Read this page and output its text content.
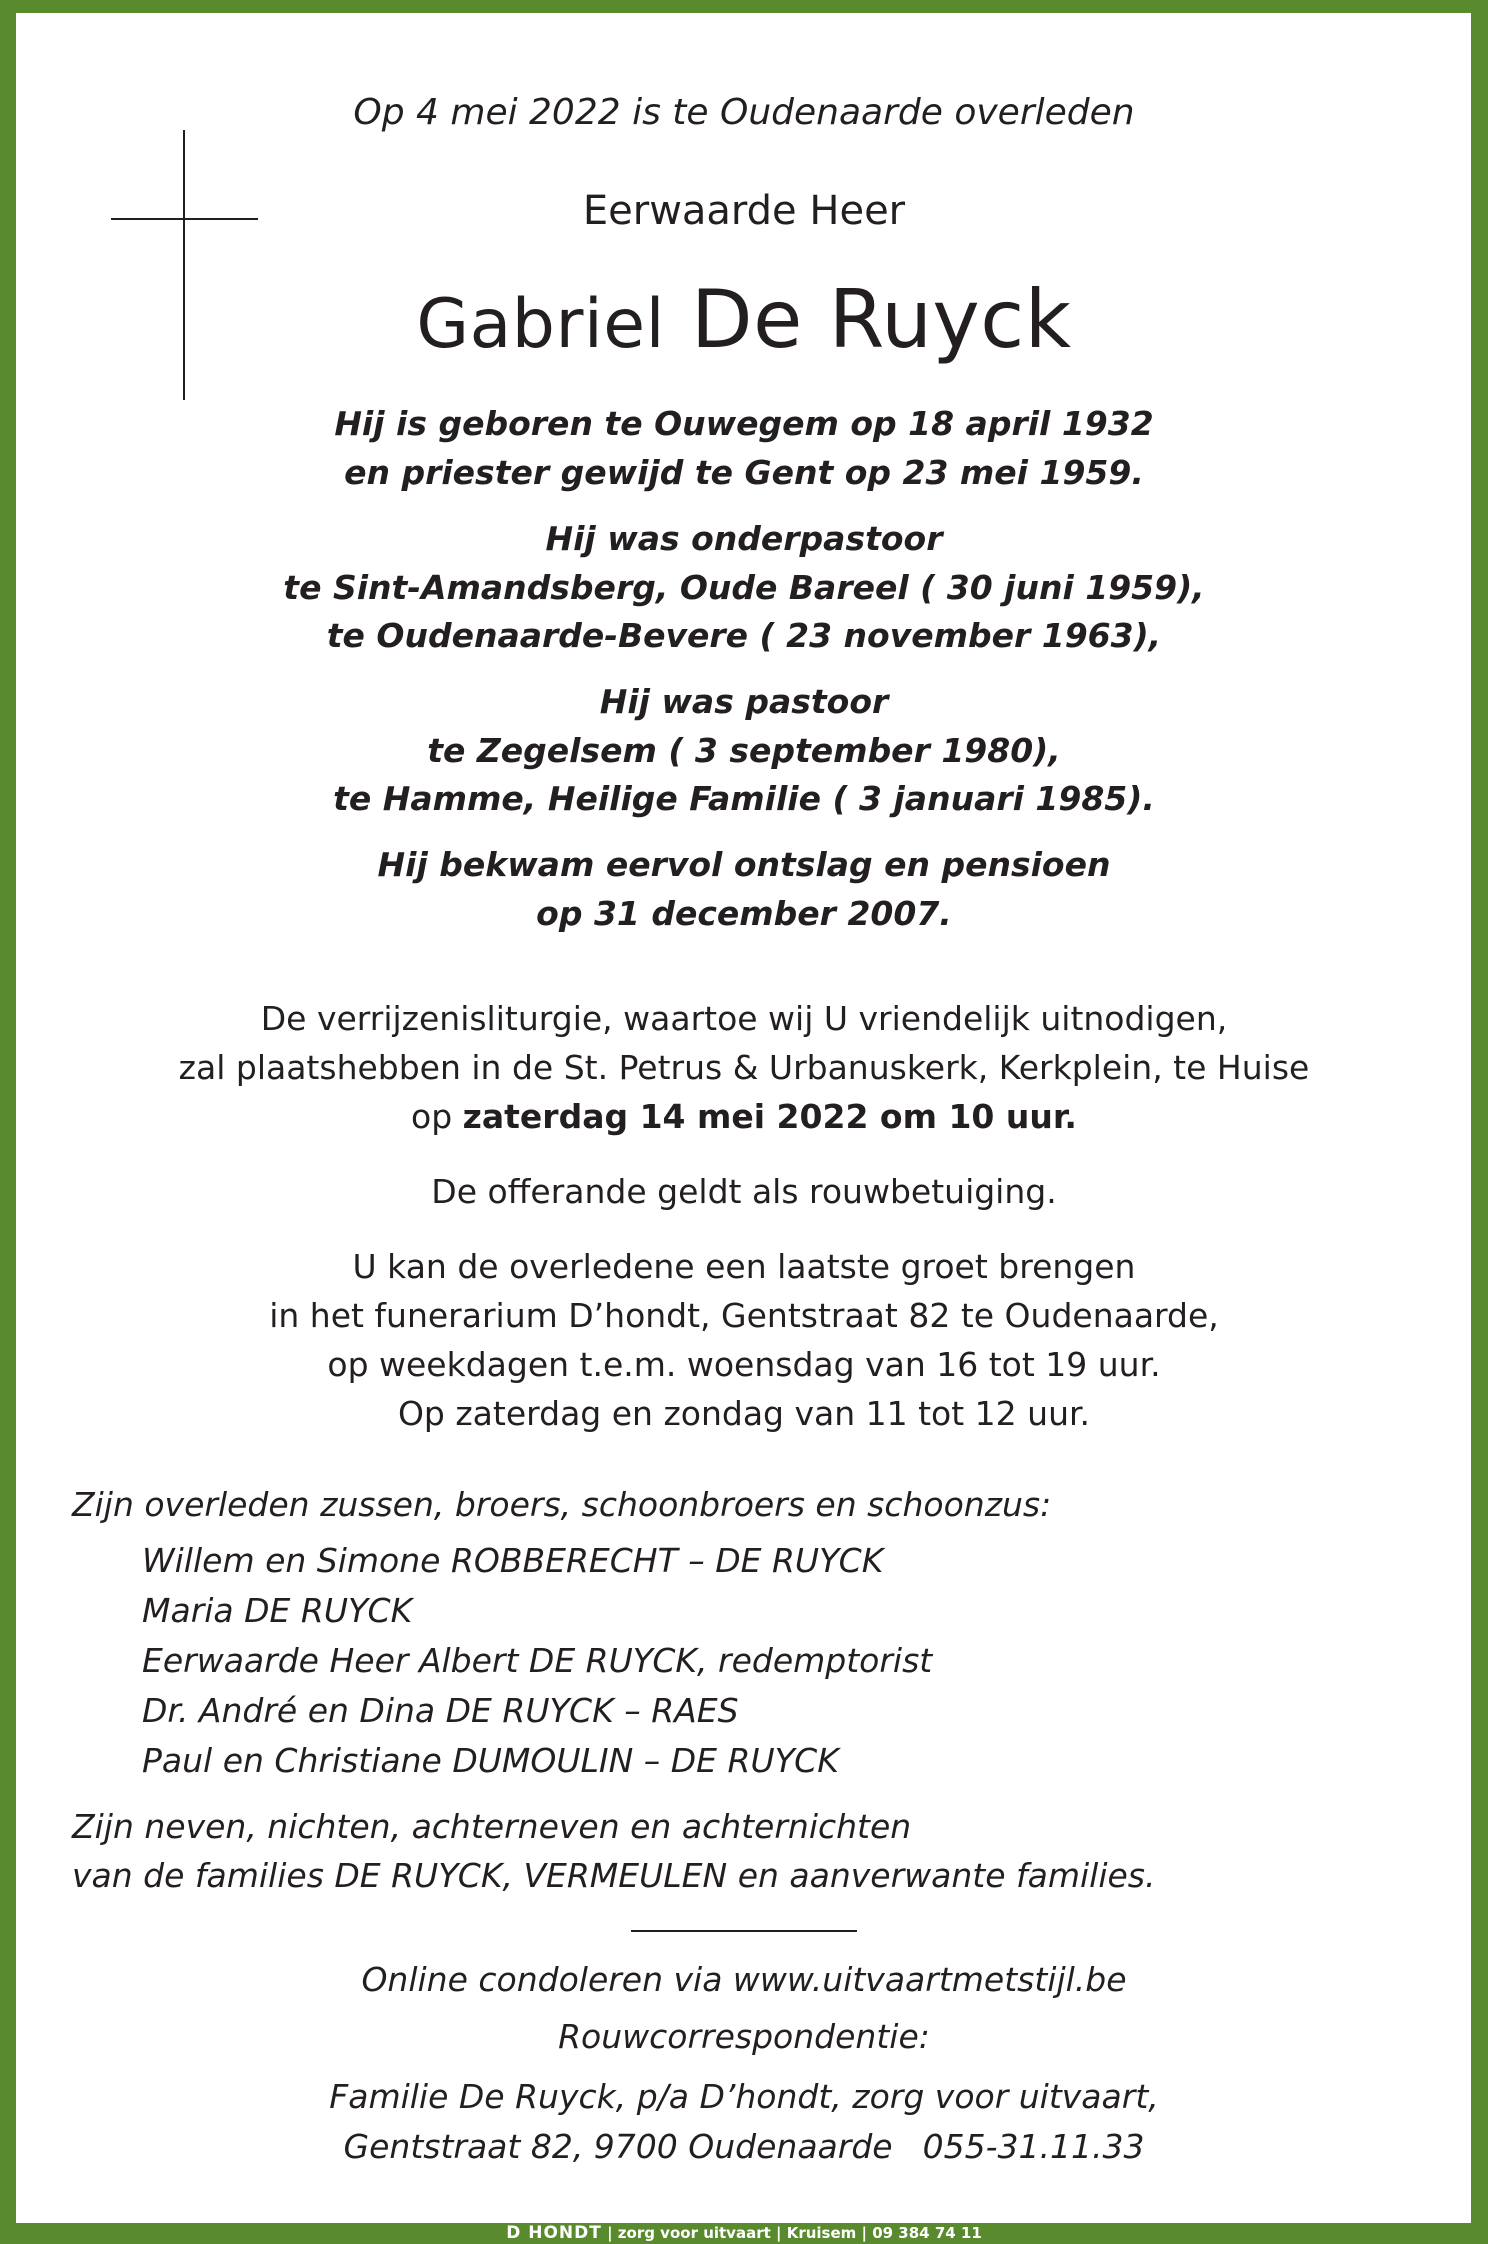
Op 4 mei 2022 is te Oudenaarde overleden
Eerwaarde Heer
Gabriel De Ruyck
Hij is geboren te Ouwegem op 18 april 1932
en priester gewijd te Gent op 23 mei 1959.
Hij was onderpastoor
te Sint-Amandsberg, Oude Bareel ( 30 juni 1959),
te Oudenaarde-Bevere ( 23 november 1963),
Hij was pastoor
te Zegelsem ( 3 september 1980),
te Hamme, Heilige Familie ( 3 januari 1985).
Hij bekwam eervol ontslag en pensioen
op 31 december 2007.
De verrijzenisliturgie, waartoe wij U vriendelijk uitnodigen,
zal plaatshebben in de St. Petrus & Urbanuskerk, Kerkplein, te Huise
op zaterdag 14 mei 2022 om 10 uur.
De offerande geldt als rouwbetuiging.
U kan de overledene een laatste groet brengen
in het funerarium D’hondt, Gentstraat 82 te Oudenaarde,
op weekdagen t.e.m. woensdag van 16 tot 19 uur.
Op zaterdag en zondag van 11 tot 12 uur.
Zijn overleden zussen, broers, schoonbroers en schoonzus:
Willem en Simone ROBBERECHT – DE RUYCK
Maria DE RUYCK
Eerwaarde Heer Albert DE RUYCK, redemptorist
Dr. André en Dina DE RUYCK – RAES
Paul en Christiane DUMOULIN – DE RUYCK
Zijn neven, nichten, achterneven en achternichten
van de families DE RUYCK, VERMEULEN en aanverwante families.
Online condoleren via www.uitvaartmetstijl.be
Rouwcorrespondentie:
Familie De Ruyck, p/a D’hondt, zorg voor uitvaart,
Gentstraat 82, 9700 Oudenaarde 055-31.11.33
D HONDT | zorg voor uitvaart | Kruisem | 09 384 74 11
